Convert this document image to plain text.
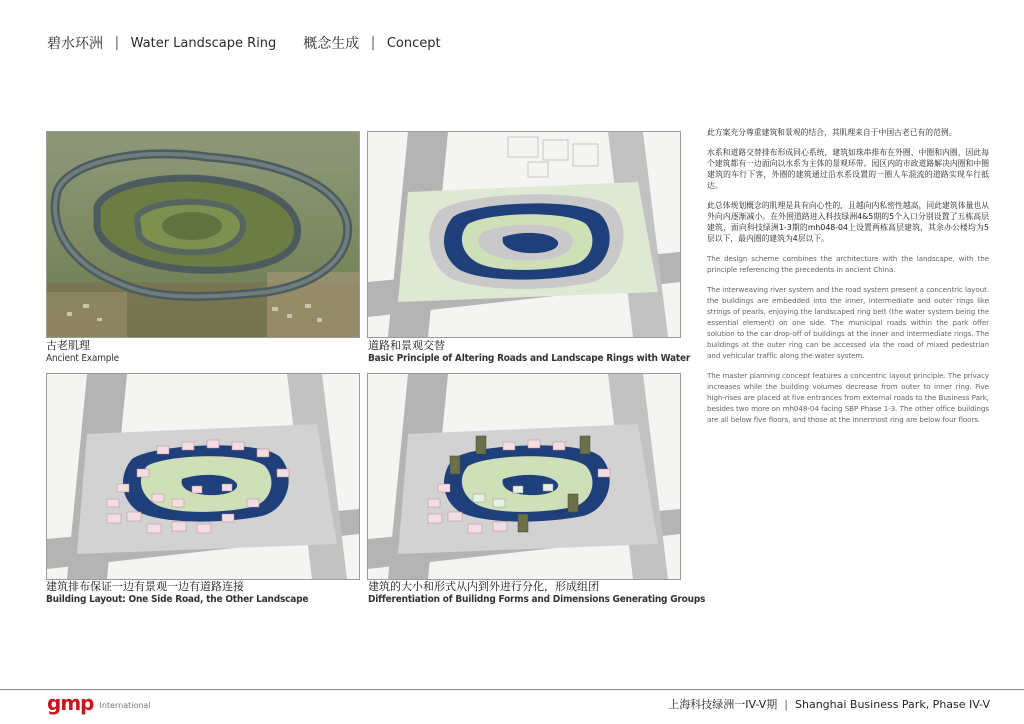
碧水环洲 | Water Landscape Ring 概念生成 | Concept
古老肌理
Ancient Example
道路和景观交替
Basic Principle of Altering Roads and Landscape Rings with Water
建筑排布保证一边有景观一边有道路连接
Building Layout: One Side Road, the Other Landscape
建筑的大小和形式从内到外进行分化，形成组团
Differentiation of Builidng Forms and Dimensions Generating Groups

此方案充分尊重建筑和景观的结合，其肌理来自于中国古老已有的范例。

水系和道路交替排布形成同心系统，建筑如珠串排布在外圈、中圈和内圈，因此每个建筑都有一边面向以水系为主体的景观环带。园区内的市政道路解决内圈和中圈建筑的车行下客，外圈的建筑通过沿水系设置的一圈人车混流的道路实现车行抵达。

此总体规划概念的肌理是具有向心性的，且越向内私密性越高，同此建筑体量也从外向内逐渐减小。在外围道路进入科技绿洲4&5期的5个入口分别设置了五栋高层建筑，面向科技绿洲1-3期的mh048-04上设置两栋高层建筑，其余办公楼均为5层以下，最内圈的建筑为4层以下。

The design scheme combines the architecture with the landscape, with the principle referencing the precedents in ancient China.

The interweaving river system and the road system present a concentric layout. the buildings are embedded into the inner, intermediate and outer rings like strings of pearls, enjoying the landscaped ring belt (the water system being the essential element) on one side. The municipal roads within the park offer solution to the car drop-off of buildings at the inner and intermediate rings. The buildings at the outer ring can be accessed via the road of mixed pedestrian and vehicular traffic along the water system.

The master planning concept features a concentric layout principle. The privacy increases while the building volumes decrease from outer to inner ring. Five high-rises are placed at five entrances from external roads to the Business Park, besides two more on mh048-04 facing SBP Phase 1-3. The other office buildings are all below five floors, and those at the innermost ring are below four floors.

gmp International	上海科技绿洲一IV-V期 | Shanghai Business Park, Phase IV-V
